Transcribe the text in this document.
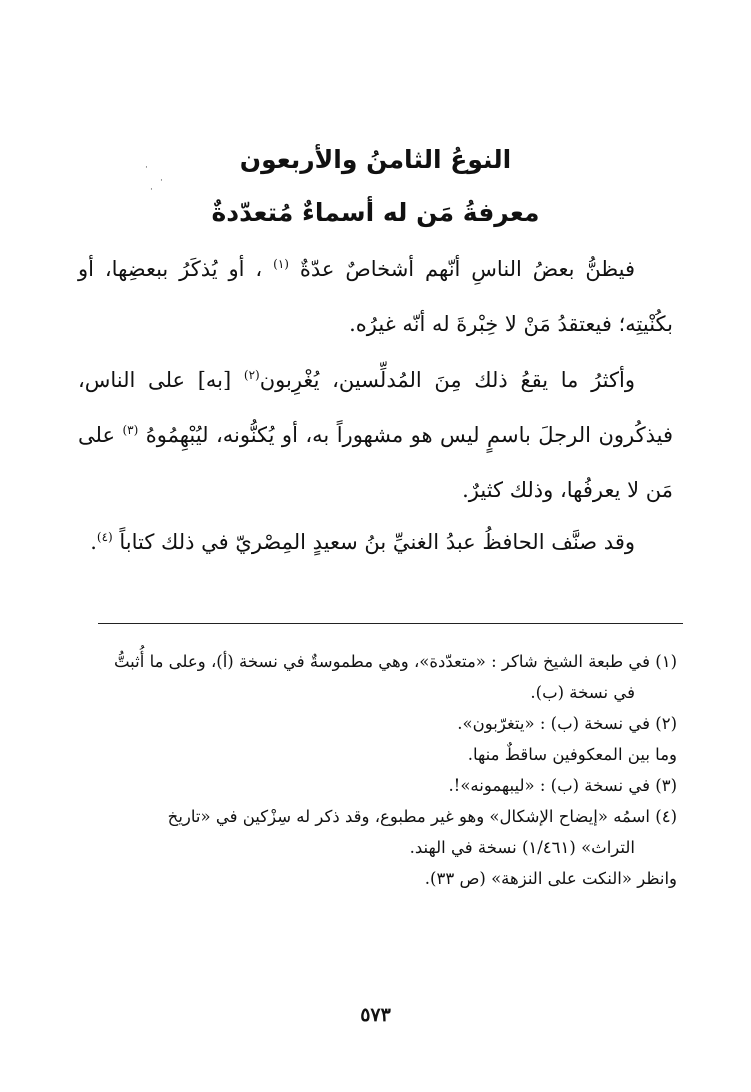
النوعُ الثامنُ والأربعون
معرفةُ مَن له أسماءٌ مُتعدّدةٌ
·
·
·
فيظنُّ بعضُ الناسِ أنّهم أشخاصٌ عدّةٌ $^{(١)}$ ، أو يُذكَرُ ببعضِها، أو بكُنْيتِه؛ فيعتقدُ مَنْ لا خِبْرةَ له أنّه غيرُه.
وأكثرُ ما يقعُ ذلك مِنَ المُدلِّسين، يُغْرِبون$^{(٢)}$ [به] على الناس، فيذكُرون الرجلَ باسمٍ ليس هو مشهوراً به، أو يُكنُّونه، ليُبْهِمُوهُ $^{(٣)}$ على مَن لا يعرفُها، وذلك كثيرٌ.
وقد صنَّف الحافظُ عبدُ الغنيِّ بنُ سعيدٍ المِصْريّ في ذلك كتاباً $^{(٤)}$.
(١) في طبعة الشيخ شاكر : «متعدّدة»، وهي مطموسةٌ في نسخة (أ)، وعلى ما أُثبتُّ
في نسخة (ب).
(٢) في نسخة (ب) : «يتغرّبون».
وما بين المعكوفين ساقطٌ منها.
(٣) في نسخة (ب) : «ليبهمونه»!.
(٤) اسمُه «إيضاح الإشكال» وهو غير مطبوع، وقد ذكر له سِزْكين في «تاريخ
التراث» (١/٤٦١) نسخة في الهند.
وانظر «النكت على النزهة» (ص ٣٣).
٥٧٣
